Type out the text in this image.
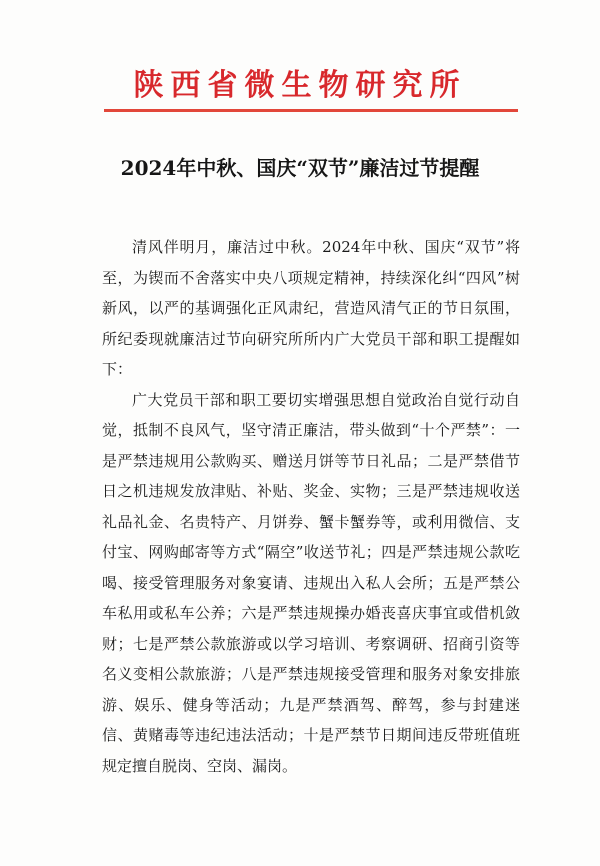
陕西省微生物研究所
2024年中秋、国庆“双节”廉洁过节提醒

清风伴明月，廉洁过中秋。2024年中秋、国庆“双节”将至，为锲而不舍落实中央八项规定精神，持续深化纠“四风”树新风，以严的基调强化正风肃纪，营造风清气正的节日氛围，所纪委现就廉洁过节向研究所所内广大党员干部和职工提醒如下：

广大党员干部和职工要切实增强思想自觉政治自觉行动自觉，抵制不良风气，坚守清正廉洁，带头做到“十个严禁”：一是严禁违规用公款购买、赠送月饼等节日礼品；二是严禁借节日之机违规发放津贴、补贴、奖金、实物；三是严禁违规收送礼品礼金、名贵特产、月饼券、蟹卡蟹券等，或利用微信、支付宝、网购邮寄等方式“隔空”收送节礼；四是严禁违规公款吃喝、接受管理服务对象宴请、违规出入私人会所；五是严禁公车私用或私车公养；六是严禁违规操办婚丧喜庆事宜或借机敛财；七是严禁公款旅游或以学习培训、考察调研、招商引资等名义变相公款旅游；八是严禁违规接受管理和服务对象安排旅游、娱乐、健身等活动；九是严禁酒驾、醉驾，参与封建迷信、黄赌毒等违纪违法活动；十是严禁节日期间违反带班值班规定擅自脱岗、空岗、漏岗。
